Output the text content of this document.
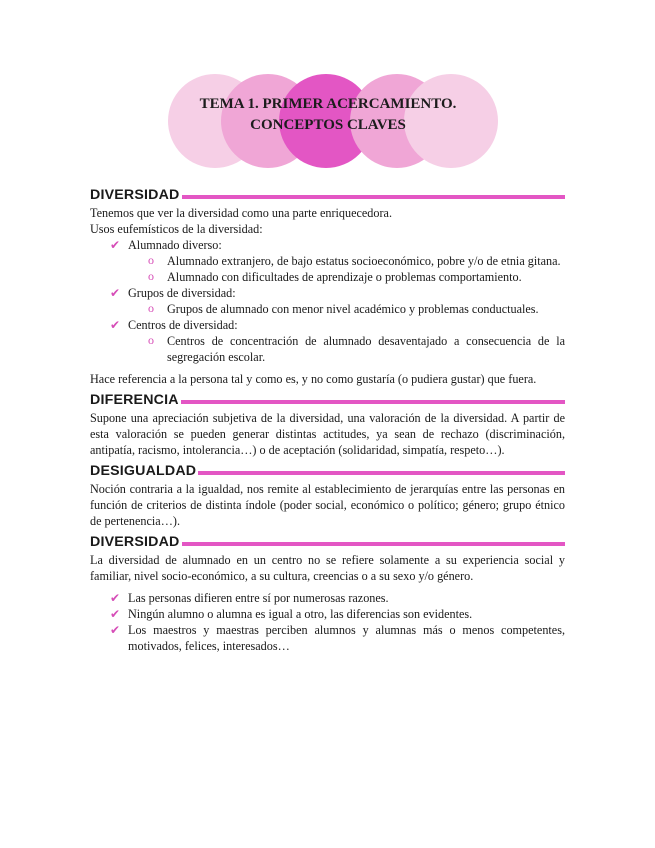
TEMA 1. PRIMER ACERCAMIENTO.
CONCEPTOS CLAVES
DIVERSIDAD

Tenemos que ver la diversidad como una parte enriquecedora.

Usos eufemísticos de la diversidad:

✔ Alumnado diverso:
o Alumnado extranjero, de bajo estatus socioeconómico, pobre y/o de etnia gitana.
o Alumnado con dificultades de aprendizaje o problemas comportamiento.
✔ Grupos de diversidad:
o Grupos de alumnado con menor nivel académico y problemas conductuales.
✔ Centros de diversidad:
o Centros de concentración de alumnado desaventajado a consecuencia de la segregación escolar.

Hace referencia a la persona tal y como es, y no como gustaría (o pudiera gustar) que fuera.

DIFERENCIA

Supone una apreciación subjetiva de la diversidad, una valoración de la diversidad. A partir de esta valoración se pueden generar distintas actitudes, ya sean de rechazo (discriminación, antipatía, racismo, intolerancia…) o de aceptación (solidaridad, simpatía, respeto…).

DESIGUALDAD

Noción contraria a la igualdad, nos remite al establecimiento de jerarquías entre las personas en función de criterios de distinta índole (poder social, económico o político; género; grupo étnico de pertenencia…).

DIVERSIDAD

La diversidad de alumnado en un centro no se refiere solamente a su experiencia social y familiar, nivel socio-económico, a su cultura, creencias o a su sexo y/o género.

✔ Las personas difieren entre sí por numerosas razones.
✔ Ningún alumno o alumna es igual a otro, las diferencias son evidentes.
✔ Los maestros y maestras perciben alumnos y alumnas más o menos competentes, motivados, felices, interesados…
